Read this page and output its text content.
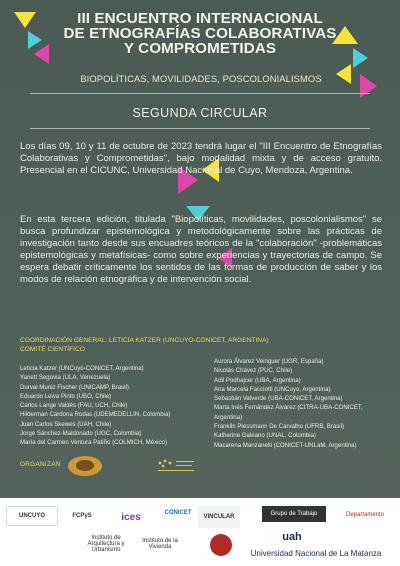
III ENCUENTRO INTERNACIONAL
DE ETNOGRAFÍAS COLABORATIVAS
Y COMPROMETIDAS
BIOPOLÍTICAS, MOVILIDADES, POSCOLONIALISMOS
SEGUNDA CIRCULAR

Los días 09, 10 y 11 de octubre de 2023 tendrá lugar el "III Encuentro de Etnografías Colaborativas y Comprometidas", bajo modalidad mixta y de acceso gratuito. Presencial en el CICUNC, Universidad Nacional de Cuyo, Mendoza, Argentina.

En esta tercera edición, titulada "Biopolíticas, movilidades, poscolonialismos" se busca profundizar epistemológica y metodológicamente sobre las prácticas de investigación tanto desde sus encuadres teóricos de la "colaboración" -problemáticas epistemológicas y metafísicas- como sobre experiencias y trayectorias de campo. Se espera debatir críticamente los sentidos de las formas de producción de saber y los modos de relación etnográfica y de intervención social.

COORDINACIÓN GENERAL: LETICIA KATZER (UNCUYO-CONICET, ARGENTINA)
COMITÉ CIENTÍFICO
Leticia Katzer (UNCuyo-CONICET, Argentina)
Yanett Segovia (ULA, Venezuela)
Durval Muniz Fischer (UNICAMP, Brasil)
Eduardo Leiva Pinto (UBO, Chile)
Carlos Lange Valdés (FAU, UCH, Chile)
Hilderman Cardona Rodas (UDEMEDELLIN, Colombia)
Juan Carlos Skewes (UAH, Chile)
Jorge Sánchez-Maldonado (UGC, Colombia)
María del Carmen Ventura Patiño (COLMICH, México)
Aurora Álvarez Veinguer (UGR, España)
Nicolás Chávez (PUC, Chile)
Adil Podhajcer (UBA, Argentina)
Ana Marcela Facciotti (UNCuyo, Argentina)
Sebastián Valverde (UBA-CONICET, Argentina)
Marta Inés Fernández Álvarez (CITRA-UBA-CONICET, Argentina)
Franklin Plessmann De Carvalho (UFRB, Brasil)
Katherine Galeano (UNAL, Colombia)
Macarena Manzanelli (CONICET-UNLaM, Argentina)
ORGANIZAN
UNCUYO	FCPyS	ices	CONICET
VINCULAR	Grupo de Trabajo	Departamento
Instituto de Arquitectura y Urbanismo
Instituto de la Vivienda
uah
Universidad Nacional de La Matanza
